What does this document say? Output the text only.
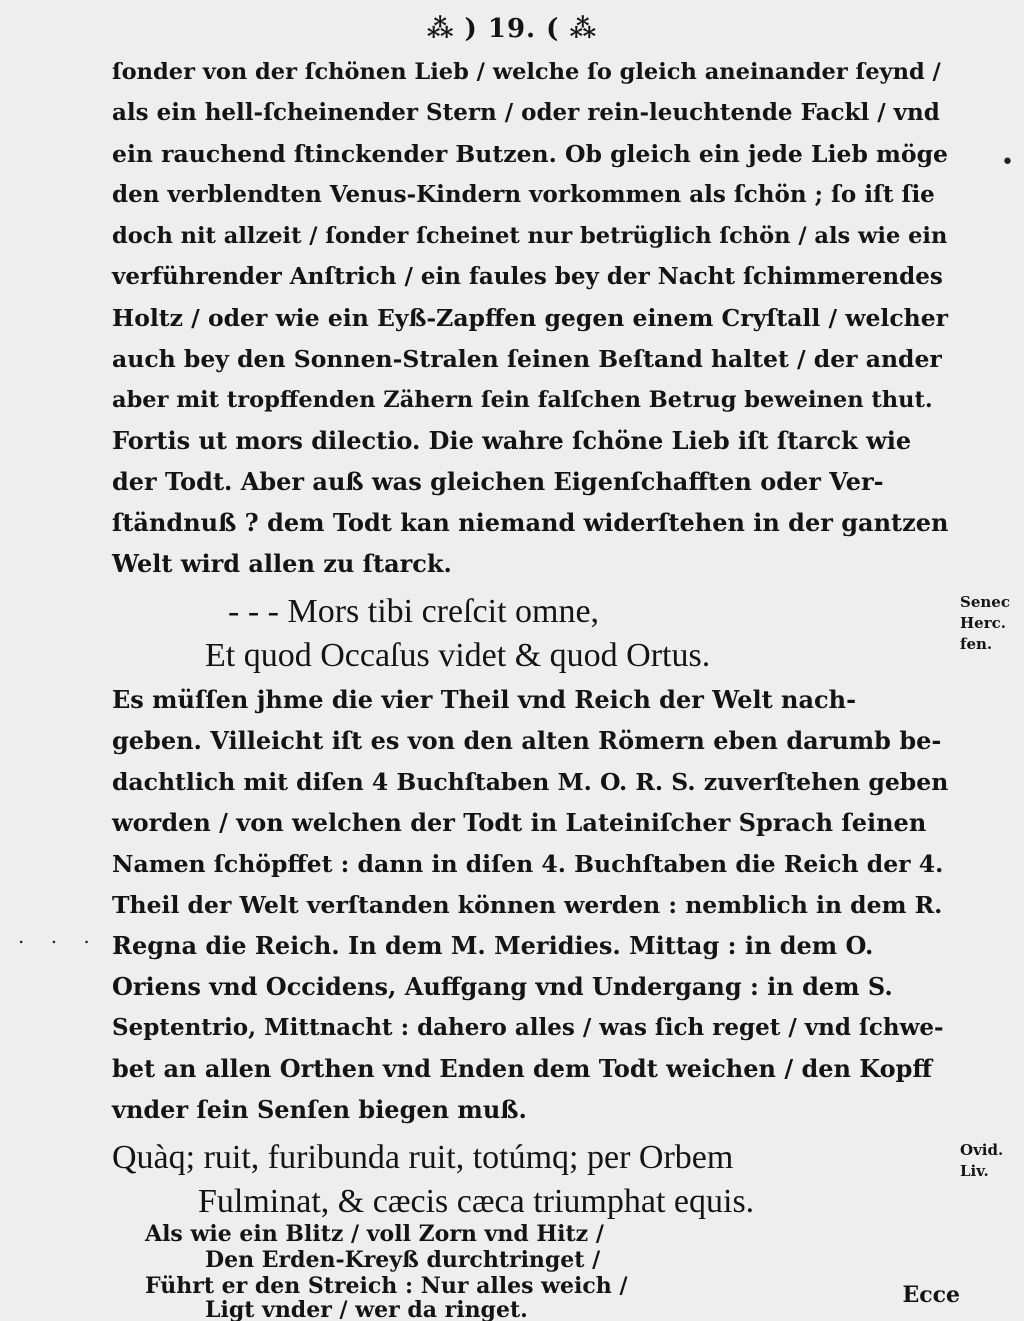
⁂ ) 19. ( ⁂
ſonder von der ſchönen Lieb / welche ſo gleich aneinander ſeynd /
als ein hell-ſcheinender Stern / oder rein-leuchtende Fackl / vnd
ein rauchend ſtinckender Butzen. Ob gleich ein jede Lieb möge
den verblendten Venus-Kindern vorkommen als ſchön ; ſo iſt ſie
doch nit allzeit / ſonder ſcheinet nur betrüglich ſchön / als wie ein
verführender Anſtrich / ein faules bey der Nacht ſchimmerendes
Holtz / oder wie ein Eyß-Zapffen gegen einem Cryſtall / welcher
auch bey den Sonnen-Stralen ſeinen Beſtand haltet / der ander
aber mit tropffenden Zähern ſein falſchen Betrug beweinen thut.
Fortis ut mors dilectio. Die wahre ſchöne Lieb iſt ſtarck wie
der Todt. Aber auß was gleichen Eigenſchafften oder Ver-
ſtändnuß ? dem Todt kan niemand widerſtehen in der gantzen
Welt wird allen zu ſtarck.
- - - Mors tibi creſcit omne,
Et quod Occaſus videt & quod Ortus.
Senec
Herc.
fen.
Es müſſen jhme die vier Theil vnd Reich der Welt nach-
geben. Villeicht iſt es von den alten Römern eben darumb be-
dachtlich mit diſen 4 Buchſtaben M. O. R. S. zuverſtehen geben
worden / von welchen der Todt in Lateiniſcher Sprach ſeinen
Namen ſchöpffet : dann in diſen 4. Buchſtaben die Reich der 4.
Theil der Welt verſtanden können werden : nemblich in dem R.
Regna die Reich. In dem M. Meridies. Mittag : in dem O.
Oriens vnd Occidens, Auffgang vnd Undergang : in dem S.
Septentrio, Mittnacht : dahero alles / was ſich reget / vnd ſchwe-
bet an allen Orthen vnd Enden dem Todt weichen / den Kopff
vnder ſein Senſen biegen muß.
Quàq; ruit, furibunda ruit, totúmq; per Orbem
Fulminat, & cæcis cæca triumphat equis.
Ovid.
Liv.
Als wie ein Blitz / voll Zorn vnd Hitz /
Den Erden-Kreyß durchtringet /
Führt er den Streich : Nur alles weich /
Ligt vnder / wer da ringet.
Ecce
. . . . .
•
